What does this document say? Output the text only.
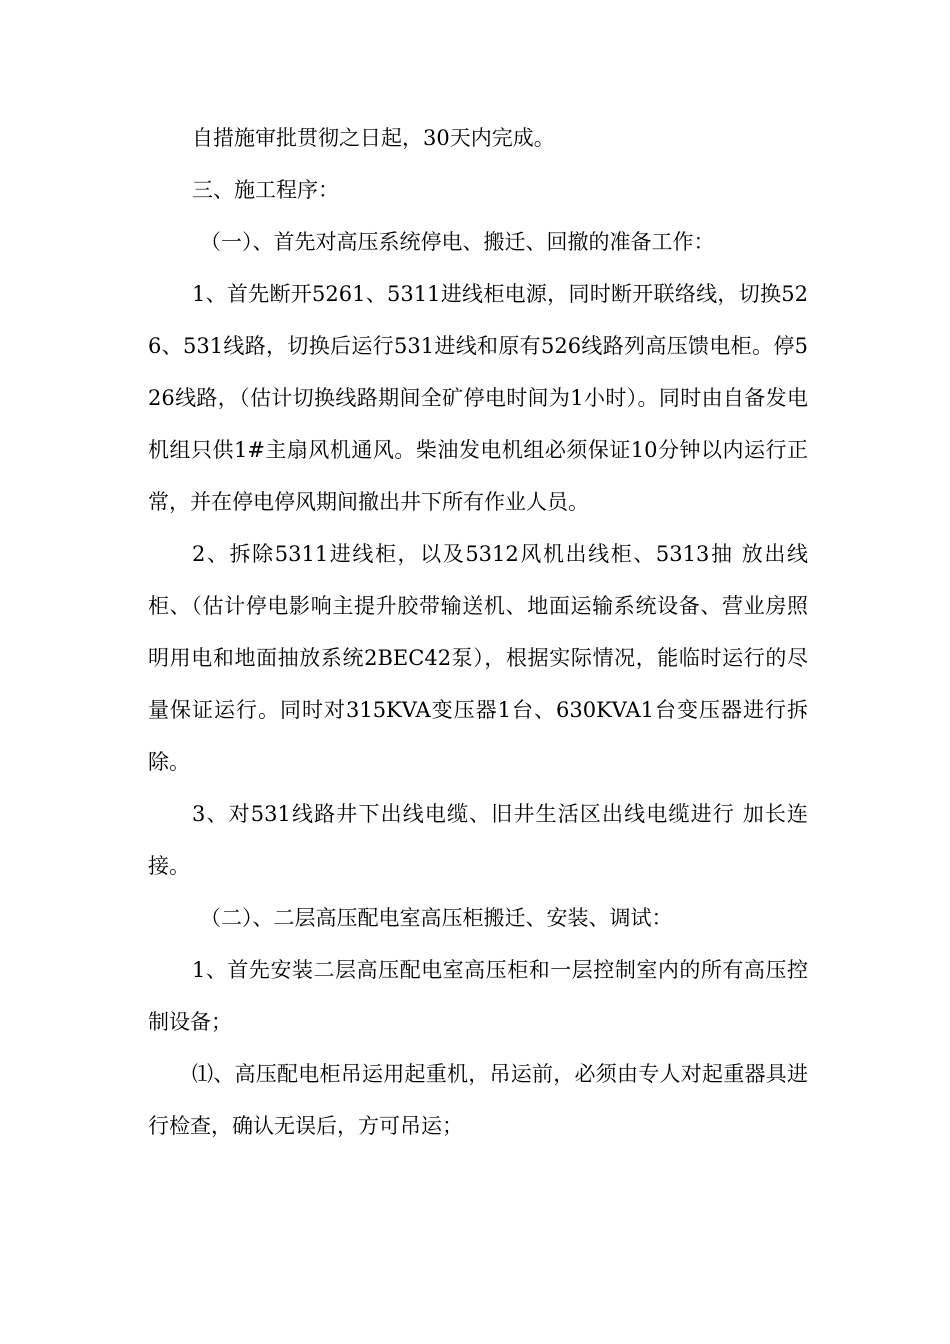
自措施审批贯彻之日起，30天内完成。

三、施工程序：

（一）、首先对高压系统停电、搬迁、回撤的准备工作：

1、首先断开5261、5311进线柜电源，同时断开联络线，切换526、531线路，切换后运行531进线和原有526线路列高压馈电柜。停526线路，（估计切换线路期间全矿停电时间为1小时）。同时由自备发电机组只供1#主扇风机通风。柴油发电机组必须保证10分钟以内运行正常，并在停电停风期间撤出井下所有作业人员。

2、拆除5311进线柜，以及5312风机出线柜、5313抽 放出线柜、（估计停电影响主提升胶带输送机、地面运输系统设备、营业房照明用电和地面抽放系统2BEC42泵），根据实际情况，能临时运行的尽量保证运行。同时对315KVA变压器1台、630KVA1台变压器进行拆除。

3、对531线路井下出线电缆、旧井生活区出线电缆进行 加长连接。

（二）、二层高压配电室高压柜搬迁、安装、调试：

1、首先安装二层高压配电室高压柜和一层控制室内的所有高压控制设备；

⑴、高压配电柜吊运用起重机，吊运前，必须由专人对起重器具进行检查，确认无误后，方可吊运；
